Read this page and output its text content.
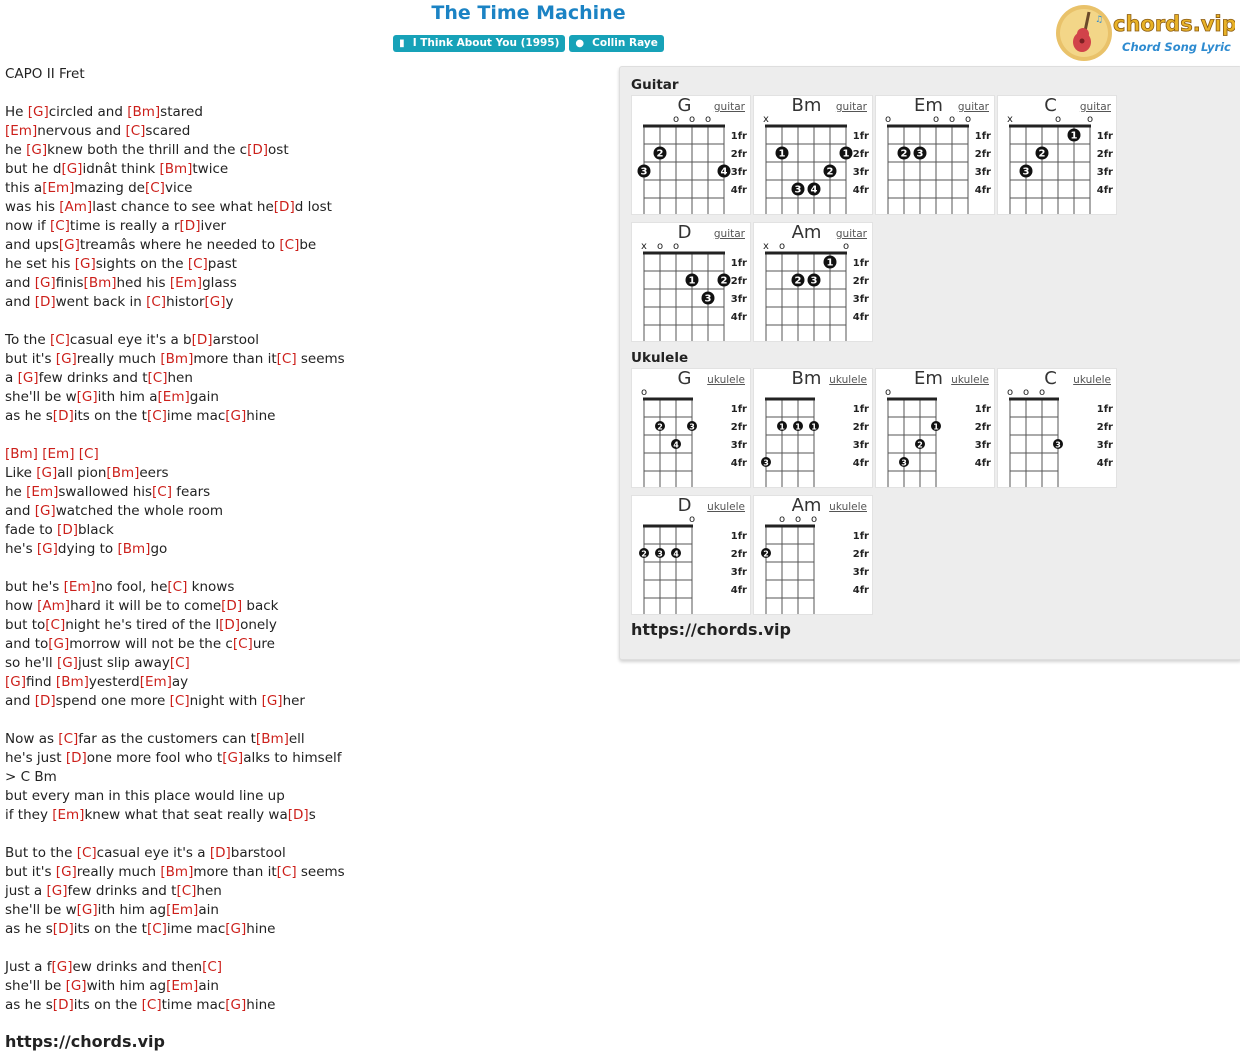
The Time Machine
▮ I Think About You (1995) ● Collin Raye
♫ chords.vip
Chord Song Lyric
CAPO II Fret
He [G]circled and [Bm]stared
[Em]nervous and [C]scared
he [G]knew both the thrill and the c[D]ost
but he d[G]idnât think [Bm]twice
this a[Em]mazing de[C]vice
was his [Am]last chance to see what he[D]d lost
now if [C]time is really a r[D]iver
and ups[G]treamâs where he needed to [C]be
he set his [G]sights on the [C]past
and [G]finis[Bm]hed his [Em]glass
and [D]went back in [C]histor[G]y
To the [C]casual eye it's a b[D]arstool
but it's [G]really much [Bm]more than it[C] seems
a [G]few drinks and t[C]hen
she'll be w[G]ith him a[Em]gain
as he s[D]its on the t[C]ime mac[G]hine
[Bm] [Em] [C]
Like [G]all pion[Bm]eers
he [Em]swallowed his[C] fears
and [G]watched the whole room
fade to [D]black
he's [G]dying to [Bm]go
but he's [Em]no fool, he[C] knows
how [Am]hard it will be to come[D] back
but to[C]night he's tired of the l[D]onely
and to[G]morrow will not be the c[C]ure
so he'll [G]just slip away[C]
[G]find [Bm]yesterd[Em]ay
and [D]spend one more [C]night with [G]her
Now as [C]far as the customers can t[Bm]ell
he's just [D]one more fool who t[G]alks to himself
> C Bm
but every man in this place would line up
if they [Em]knew what that seat really wa[D]s
But to the [C]casual eye it's a [D]barstool
but it's [G]really much [Bm]more than it[C] seems
just a [G]few drinks and t[C]hen
she'll be w[G]ith him ag[Em]ain
as he s[D]its on the t[C]ime mac[G]hine
Just a f[G]ew drinks and then[C]
she'll be [G]with him ag[Em]ain
as he s[D]its on the [C]time mac[G]hine
https://chords.vip
Guitar
G	guitar
o o o
1fr
2fr
3fr
4fr
3
2
4
Bm	guitar
x
1fr
2fr
3fr
4fr
1
3 4
2
1
Em	guitar
o	o o o
1fr
2fr
3fr
4fr
2 3
C	guitar
x	o	o
1fr
2fr
3fr
4fr
3
2
1
D	guitar
x o o
1fr
2fr
3fr
4fr
1
3
2
Am	guitar
x o	o
1fr
2fr
3fr
4fr
2 3
1
Ukulele
G	ukulele
o
1fr
2fr
3fr
4fr
2
4
3
Bm ukulele
1fr
2fr
3fr
4fr
3
1 1 1
Em ukulele
o
1fr
2fr
3fr
4fr
3
2
1
C	ukulele
o o o
1fr
2fr
3fr
4fr
3
D	ukulele
o
1fr
2fr
3fr
4fr
2 3 4
Am ukulele
o o o
1fr
2fr
3fr
4fr
2
https://chords.vip
